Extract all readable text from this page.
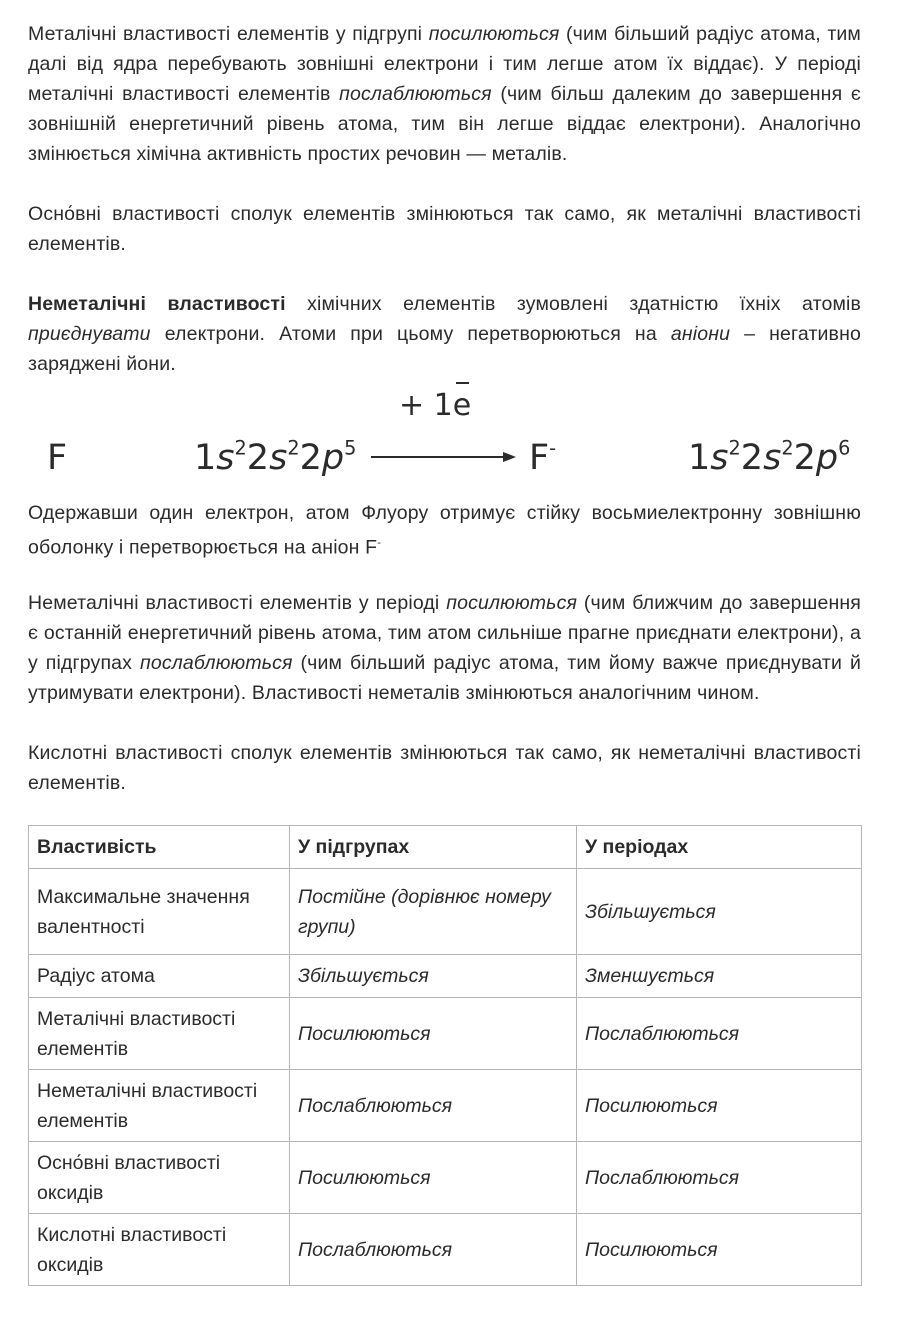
Металічні властивості елементів у підгрупі посилюються (чим більший радіус атома, тим далі від ядра перебувають зовнішні електрони і тим легше атом їх віддає). У періоді металічні властивості елементів послаблюються (чим більш далеким до завершення є зовнішній енергетичний рівень атома, тим він легше віддає електрони). Аналогічно змінюється хімічна активність простих речовин — металів.

Осно́вні властивості сполук елементів змінюються так само, як металічні властивості елементів.

Неметалічні властивості хімічних елементів зумовлені здатністю їхніх атомів приєднувати електрони. Атоми при цьому перетворюються на аніони – негативно заряджені йони.

F	$1s^22s^22p^5$
+ 1e
F-	$1s^22s^22p^6$

Одержавши один електрон, атом Флуору отримує стійку восьмиелектронну зовнішню оболонку і перетворюється на аніон F-

Неметалічні властивості елементів у періоді посилюються (чим ближчим до завершення є останній енергетичний рівень атома, тим атом сильніше прагне приєднати електрони), а у підгрупах послаблюються (чим більший радіус атома, тим йому важче приєднувати й утримувати електрони). Властивості неметалів змінюються аналогічним чином.

Кислотні властивості сполук елементів змінюються так само, як неметалічні властивості елементів.

Властивість	У підгрупах	У періодах
Максимальне значення валентності	Постійне (дорівнює номеру групи)	Збільшується
Радіус атома	Збільшується	Зменшується
Металічні властивості елементів	Посилюються	Послаблюються
Неметалічні властивості елементів	Послаблюються	Посилюються
Осно́вні властивості оксидів	Посилюються	Послаблюються
Кислотні властивості оксидів	Послаблюються	Посилюються
